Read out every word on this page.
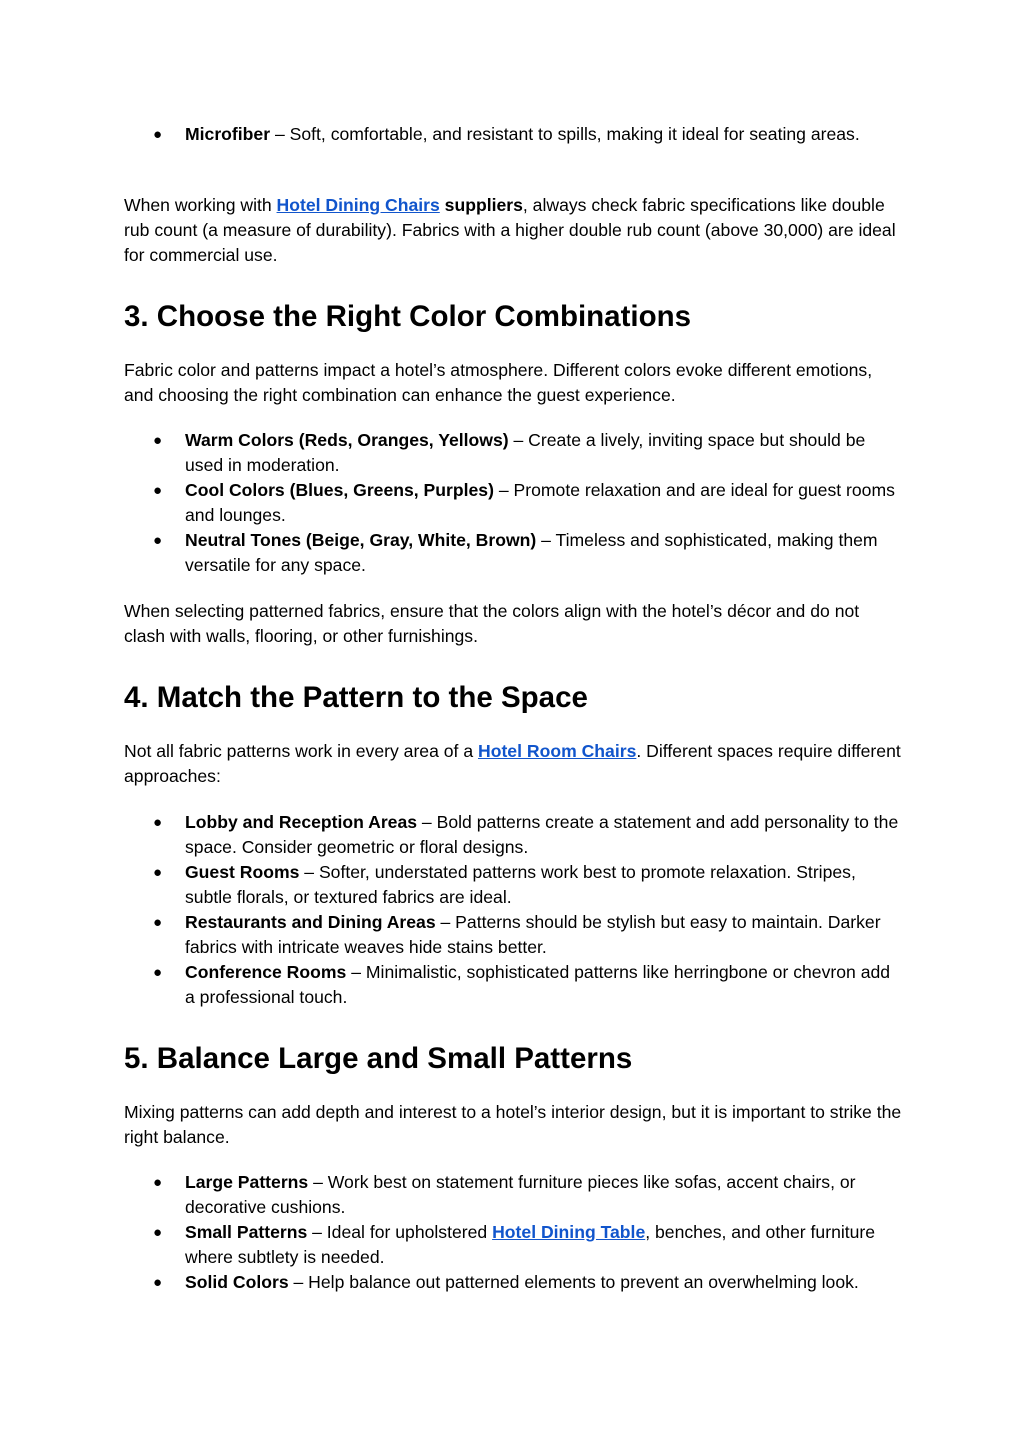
● Microfiber – Soft, comfortable, and resistant to spills, making it ideal for seating areas.

When working with Hotel Dining Chairs suppliers, always check fabric specifications like double rub count (a measure of durability). Fabrics with a higher double rub count (above 30,000) are ideal for commercial use.

3. Choose the Right Color Combinations

Fabric color and patterns impact a hotel’s atmosphere. Different colors evoke different emotions, and choosing the right combination can enhance the guest experience.

● Warm Colors (Reds, Oranges, Yellows) – Create a lively, inviting space but should be used in moderation.
● Cool Colors (Blues, Greens, Purples) – Promote relaxation and are ideal for guest rooms and lounges.
● Neutral Tones (Beige, Gray, White, Brown) – Timeless and sophisticated, making them versatile for any space.

When selecting patterned fabrics, ensure that the colors align with the hotel’s décor and do not clash with walls, flooring, or other furnishings.

4. Match the Pattern to the Space

Not all fabric patterns work in every area of a Hotel Room Chairs. Different spaces require different approaches:

● Lobby and Reception Areas – Bold patterns create a statement and add personality to the space. Consider geometric or floral designs.
● Guest Rooms – Softer, understated patterns work best to promote relaxation. Stripes, subtle florals, or textured fabrics are ideal.
● Restaurants and Dining Areas – Patterns should be stylish but easy to maintain. Darker fabrics with intricate weaves hide stains better.
● Conference Rooms – Minimalistic, sophisticated patterns like herringbone or chevron add a professional touch.
5. Balance Large and Small Patterns

Mixing patterns can add depth and interest to a hotel’s interior design, but it is important to strike the right balance.

● Large Patterns – Work best on statement furniture pieces like sofas, accent chairs, or decorative cushions.
● Small Patterns – Ideal for upholstered Hotel Dining Table, benches, and other furniture where subtlety is needed.
● Solid Colors – Help balance out patterned elements to prevent an overwhelming look.
